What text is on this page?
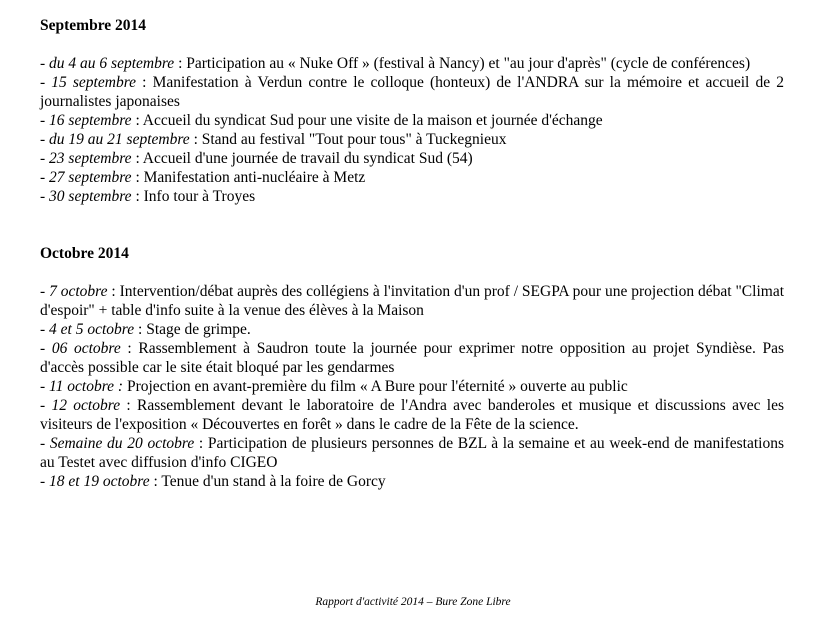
Septembre 2014

- du 4 au 6 septembre : Participation au « Nuke Off » (festival à Nancy) et "au jour d'après" (cycle de conférences)

- 15 septembre : Manifestation à Verdun contre le colloque (honteux) de l'ANDRA sur la mémoire et accueil de 2 journalistes japonaises

- 16 septembre : Accueil du syndicat Sud pour une visite de la maison et journée d'échange

- du 19 au 21 septembre : Stand au festival "Tout pour tous" à Tuckegnieux

- 23 septembre : Accueil d'une journée de travail du syndicat Sud (54)

- 27 septembre : Manifestation anti-nucléaire à Metz

- 30 septembre : Info tour à Troyes

Octobre 2014

- 7 octobre : Intervention/débat auprès des collégiens à l'invitation d'un prof / SEGPA pour une projection débat "Climat d'espoir" + table d'info suite à la venue des élèves à la Maison

- 4 et 5 octobre : Stage de grimpe.

- 06 octobre : Rassemblement à Saudron toute la journée pour exprimer notre opposition au projet Syndièse. Pas d'accès possible car le site était bloqué par les gendarmes

- 11 octobre : Projection en avant-première du film « A Bure pour l'éternité » ouverte au public

- 12 octobre : Rassemblement devant le laboratoire de l'Andra avec banderoles et musique et discussions avec les visiteurs de l'exposition « Découvertes en forêt » dans le cadre de la Fête de la science.

- Semaine du 20 octobre : Participation de plusieurs personnes de BZL à la semaine et au week-end de manifestations au Testet avec diffusion d'info CIGEO

- 18 et 19 octobre : Tenue d'un stand à la foire de Gorcy

Rapport d'activité 2014 – Bure Zone Libre
